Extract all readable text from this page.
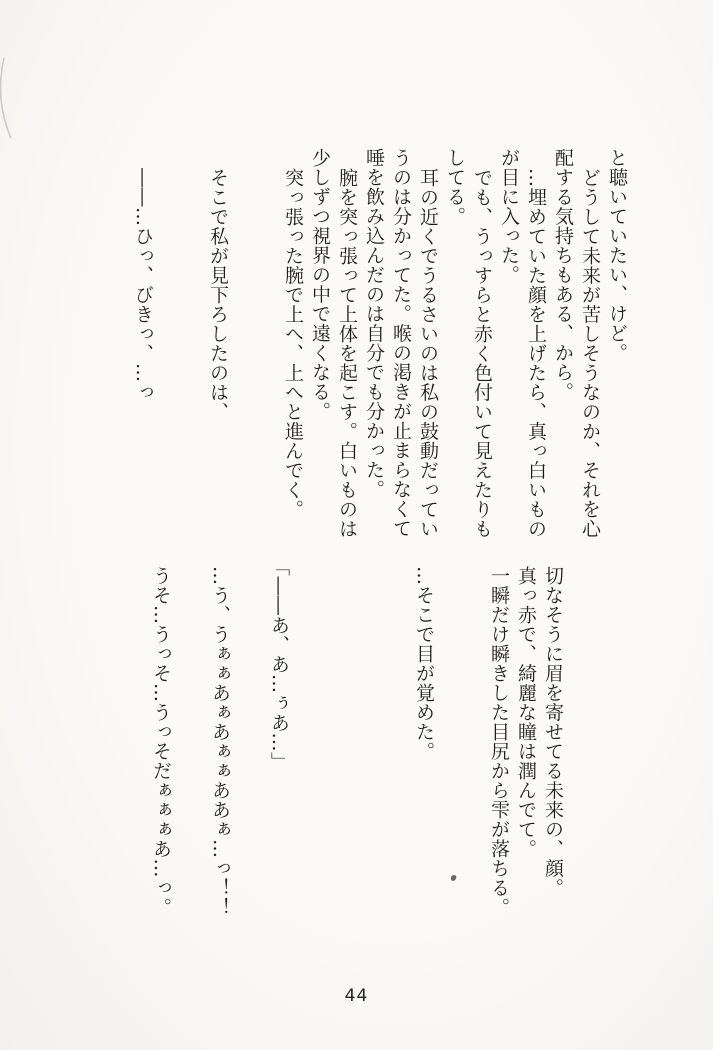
と聴いていたい、けど。

どうして未来が苦しそうなのか、それを心

配する気持ちもある、から。

…埋めていた顔を上げたら、真っ白いもの

が目に入った。

でも、うっすらと赤く色付いて見えたりも

してる。

耳の近くでうるさいのは私の鼓動だってい

うのは分かってた。喉の渇きが止まらなくて

唾を飲み込んだのは自分でも分かった。

腕を突っ張って上体を起こす。白いものは

少しずつ視界の中で遠くなる。

突っ張った腕で上へ、上へと進んでく。

そこで私が見下ろしたのは、

――…ひっ、びきっ、…っ

切なそうに眉を寄せてる未来の、顔。

真っ赤で、綺麗な瞳は潤んでて。

一瞬だけ瞬きした目尻から雫が落ちる。

…そこで目が覚めた。

「――あ、あ…ぅあ…」

…う、うぁぁあぁあぁぁああぁ…っ！！

うそ…うっそ…うっそだぁぁぁあ…っ。

44
